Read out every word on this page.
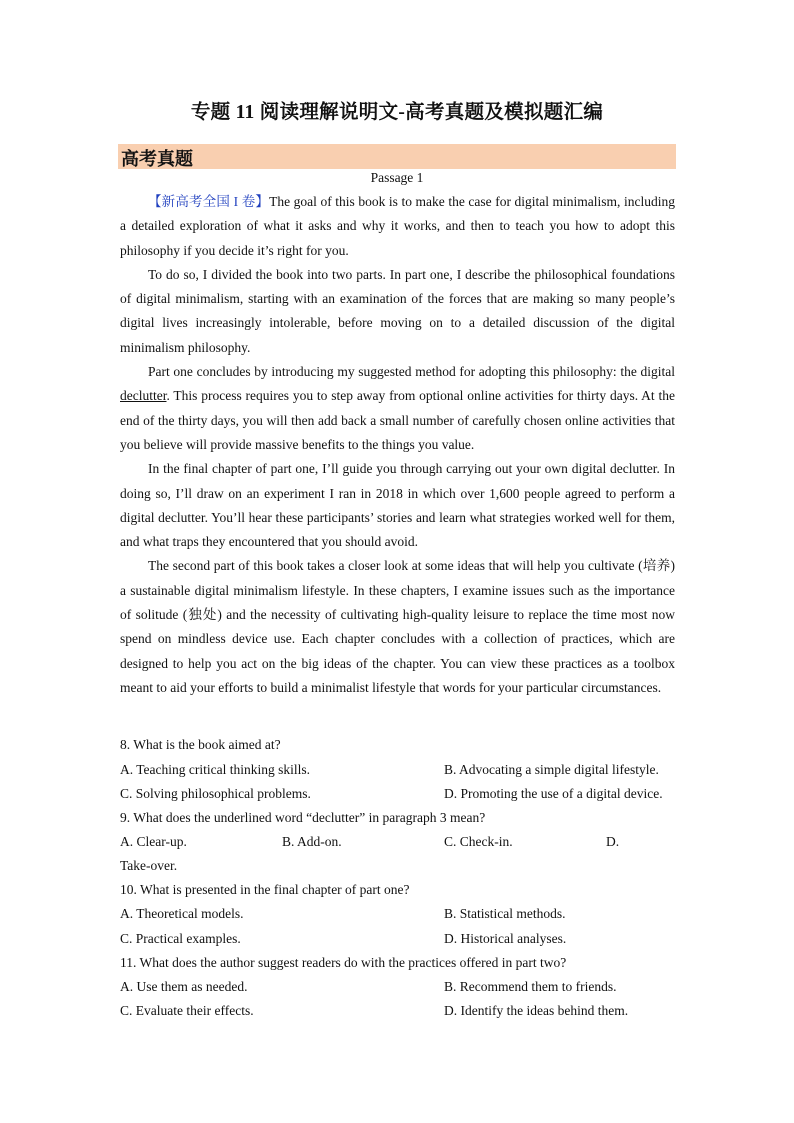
专题 11 阅读理解说明文-高考真题及模拟题汇编
高考真题
Passage 1

【新高考全国 I 卷】The goal of this book is to make the case for digital minimalism, including a detailed exploration of what it asks and why it works, and then to teach you how to adopt this philosophy if you decide it’s right for you.

To do so, I divided the book into two parts. In part one, I describe the philosophical foundations of digital minimalism, starting with an examination of the forces that are making so many people’s digital lives increasingly intolerable, before moving on to a detailed discussion of the digital minimalism philosophy.

Part one concludes by introducing my suggested method for adopting this philosophy: the digital declutter. This process requires you to step away from optional online activities for thirty days. At the end of the thirty days, you will then add back a small number of carefully chosen online activities that you believe will provide massive benefits to the things you value.

In the final chapter of part one, I’ll guide you through carrying out your own digital declutter. In doing so, I’ll draw on an experiment I ran in 2018 in which over 1,600 people agreed to perform a digital declutter. You’ll hear these participants’ stories and learn what strategies worked well for them, and what traps they encountered that you should avoid.

The second part of this book takes a closer look at some ideas that will help you cultivate (培养) a sustainable digital minimalism lifestyle. In these chapters, I examine issues such as the importance of solitude (独处) and the necessity of cultivating high-quality leisure to replace the time most now spend on mindless device use. Each chapter concludes with a collection of practices, which are designed to help you act on the big ideas of the chapter. You can view these practices as a toolbox meant to aid your efforts to build a minimalist lifestyle that words for your particular circumstances.

8. What is the book aimed at?
A. Teaching critical thinking skills.	B. Advocating a simple digital lifestyle.
C. Solving philosophical problems.	D. Promoting the use of a digital device.
9. What does the underlined word “declutter” in paragraph 3 mean?
A. Clear-up.	B. Add-on.	C. Check-in.	D.
Take-over.
10. What is presented in the final chapter of part one?
A. Theoretical models.	B. Statistical methods.
C. Practical examples.	D. Historical analyses.
11. What does the author suggest readers do with the practices offered in part two?
A. Use them as needed.	B. Recommend them to friends.
C. Evaluate their effects.	D. Identify the ideas behind them.
